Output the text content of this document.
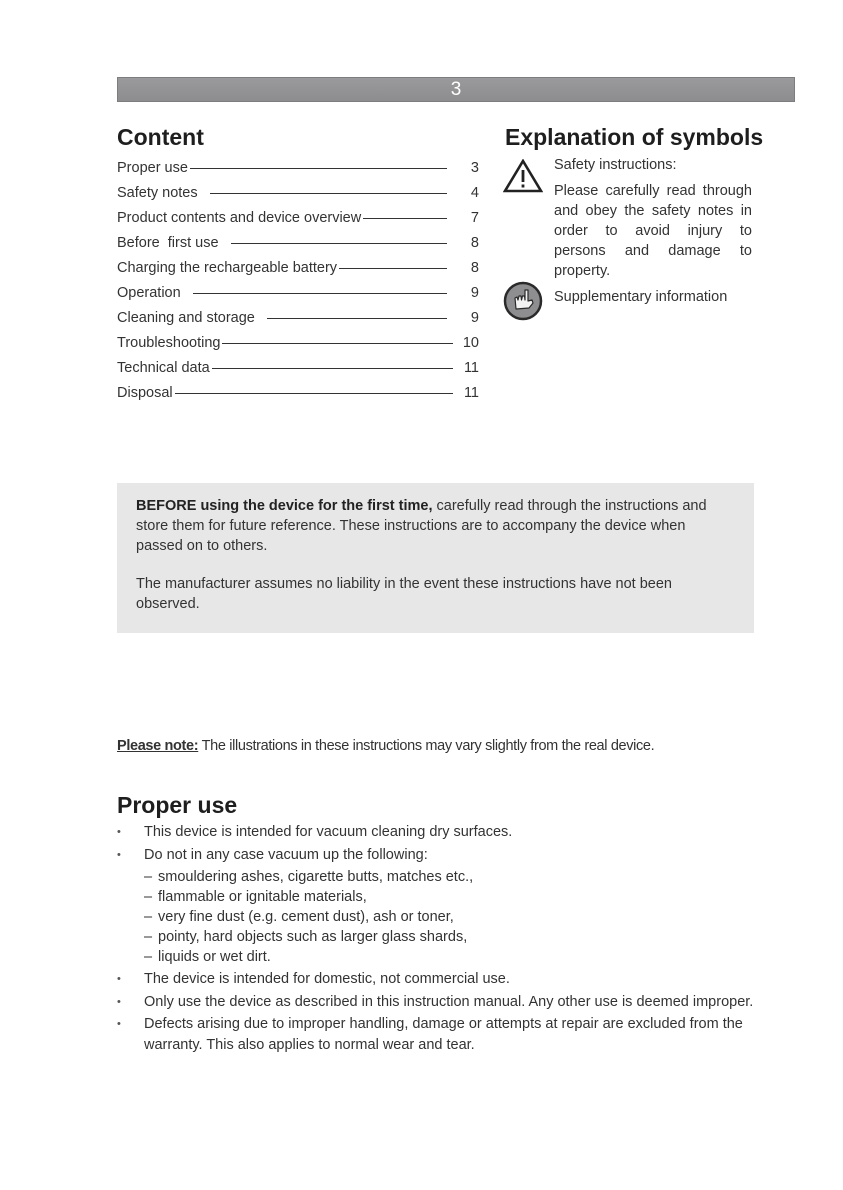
3
Content
Proper use	3
Safety notes	4
Product contents and device overview	7
Before  first use	8
Charging the rechargeable battery	8
Operation	9
Cleaning and storage	9
Troubleshooting	10
Technical data	11
Disposal	11
Explanation of symbols

Safety instructions:

Please carefully read through and obey the safety notes in order to avoid injury to persons and damage to property.

Supplementary information

BEFORE using the device for the first time, carefully read through the instructions and store them for future reference. These instructions are to accompany the device when passed on to others.

The manufacturer assumes no liability in the event these instructions have not been observed.

Please note: The illustrations in these instructions may vary slightly from the real device.
Proper use
• This device is intended for vacuum cleaning dry surfaces.
• Do not in any case vacuum up the following:
– smouldering ashes, cigarette butts, matches etc.,
– flammable or ignitable materials,
– very fine dust (e.g. cement dust), ash or toner,
– pointy, hard objects such as larger glass shards,
– liquids or wet dirt.
• The device is intended for domestic, not commercial use.
• Only use the device as described in this instruction manual. Any other use is deemed improper.
• Defects arising due to improper handling, damage or attempts at repair are excluded from the warranty. This also applies to normal wear and tear.
